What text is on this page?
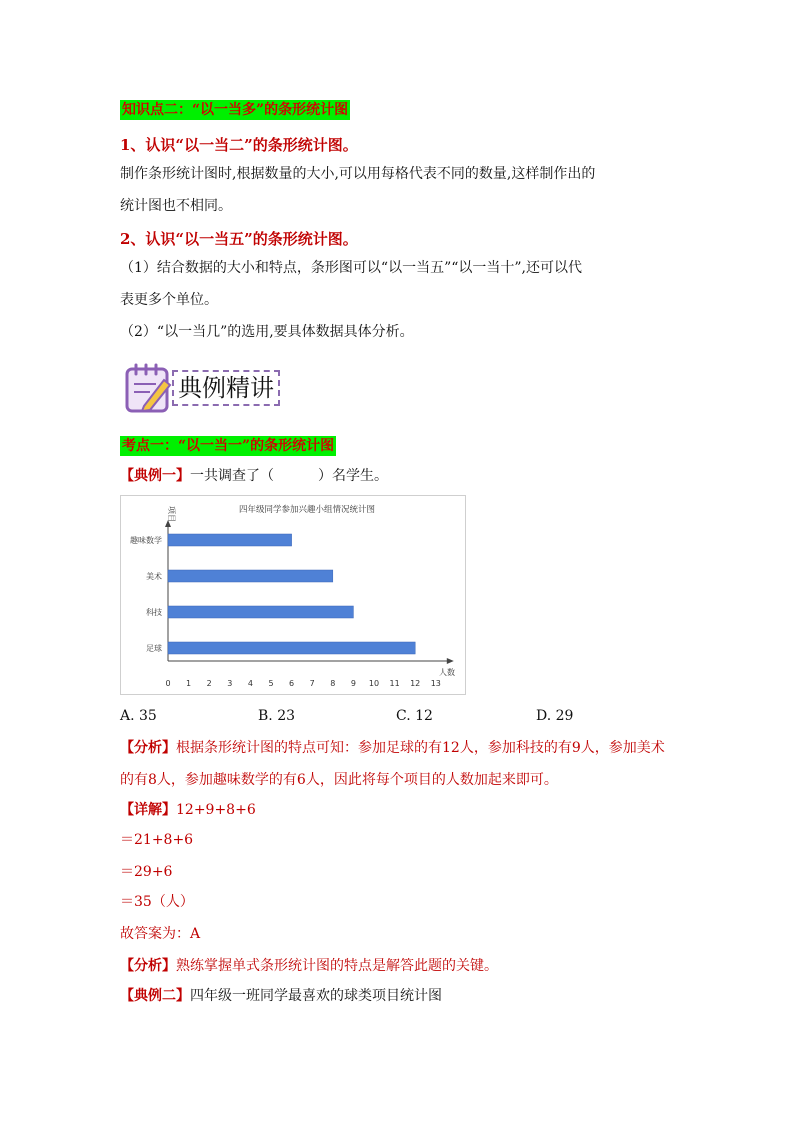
知识点二：“以一当多”的条形统计图
1、认识“以一当二”的条形统计图。
制作条形统计图时,根据数量的大小,可以用每格代表不同的数量,这样制作出的
统计图也不相同。
2、认识“以一当五”的条形统计图。
（1）结合数据的大小和特点，条形图可以“以一当五”“以一当十”,还可以代
表更多个单位。
（2）“以一当几”的选用,要具体数据具体分析。
典例精讲
考点一：“以一当一”的条形统计图
【典例一】一共调查了（	）名学生。
四年级同学参加兴趣小组情况统计图
项目
人数
0 1 2 3 4 5 6 7 8 9 10 11 12 13
趣味数学
美术
科技
足球
A. 35	B. 23	C. 12	D. 29
【分析】根据条形统计图的特点可知：参加足球的有12人，参加科技的有9人，参加美术
的有8人，参加趣味数学的有6人，因此将每个项目的人数加起来即可。
【详解】12+9+8+6
＝21+8+6
＝29+6
＝35（人）
故答案为：A
【分析】熟练掌握单式条形统计图的特点是解答此题的关键。
【典例二】四年级一班同学最喜欢的球类项目统计图
